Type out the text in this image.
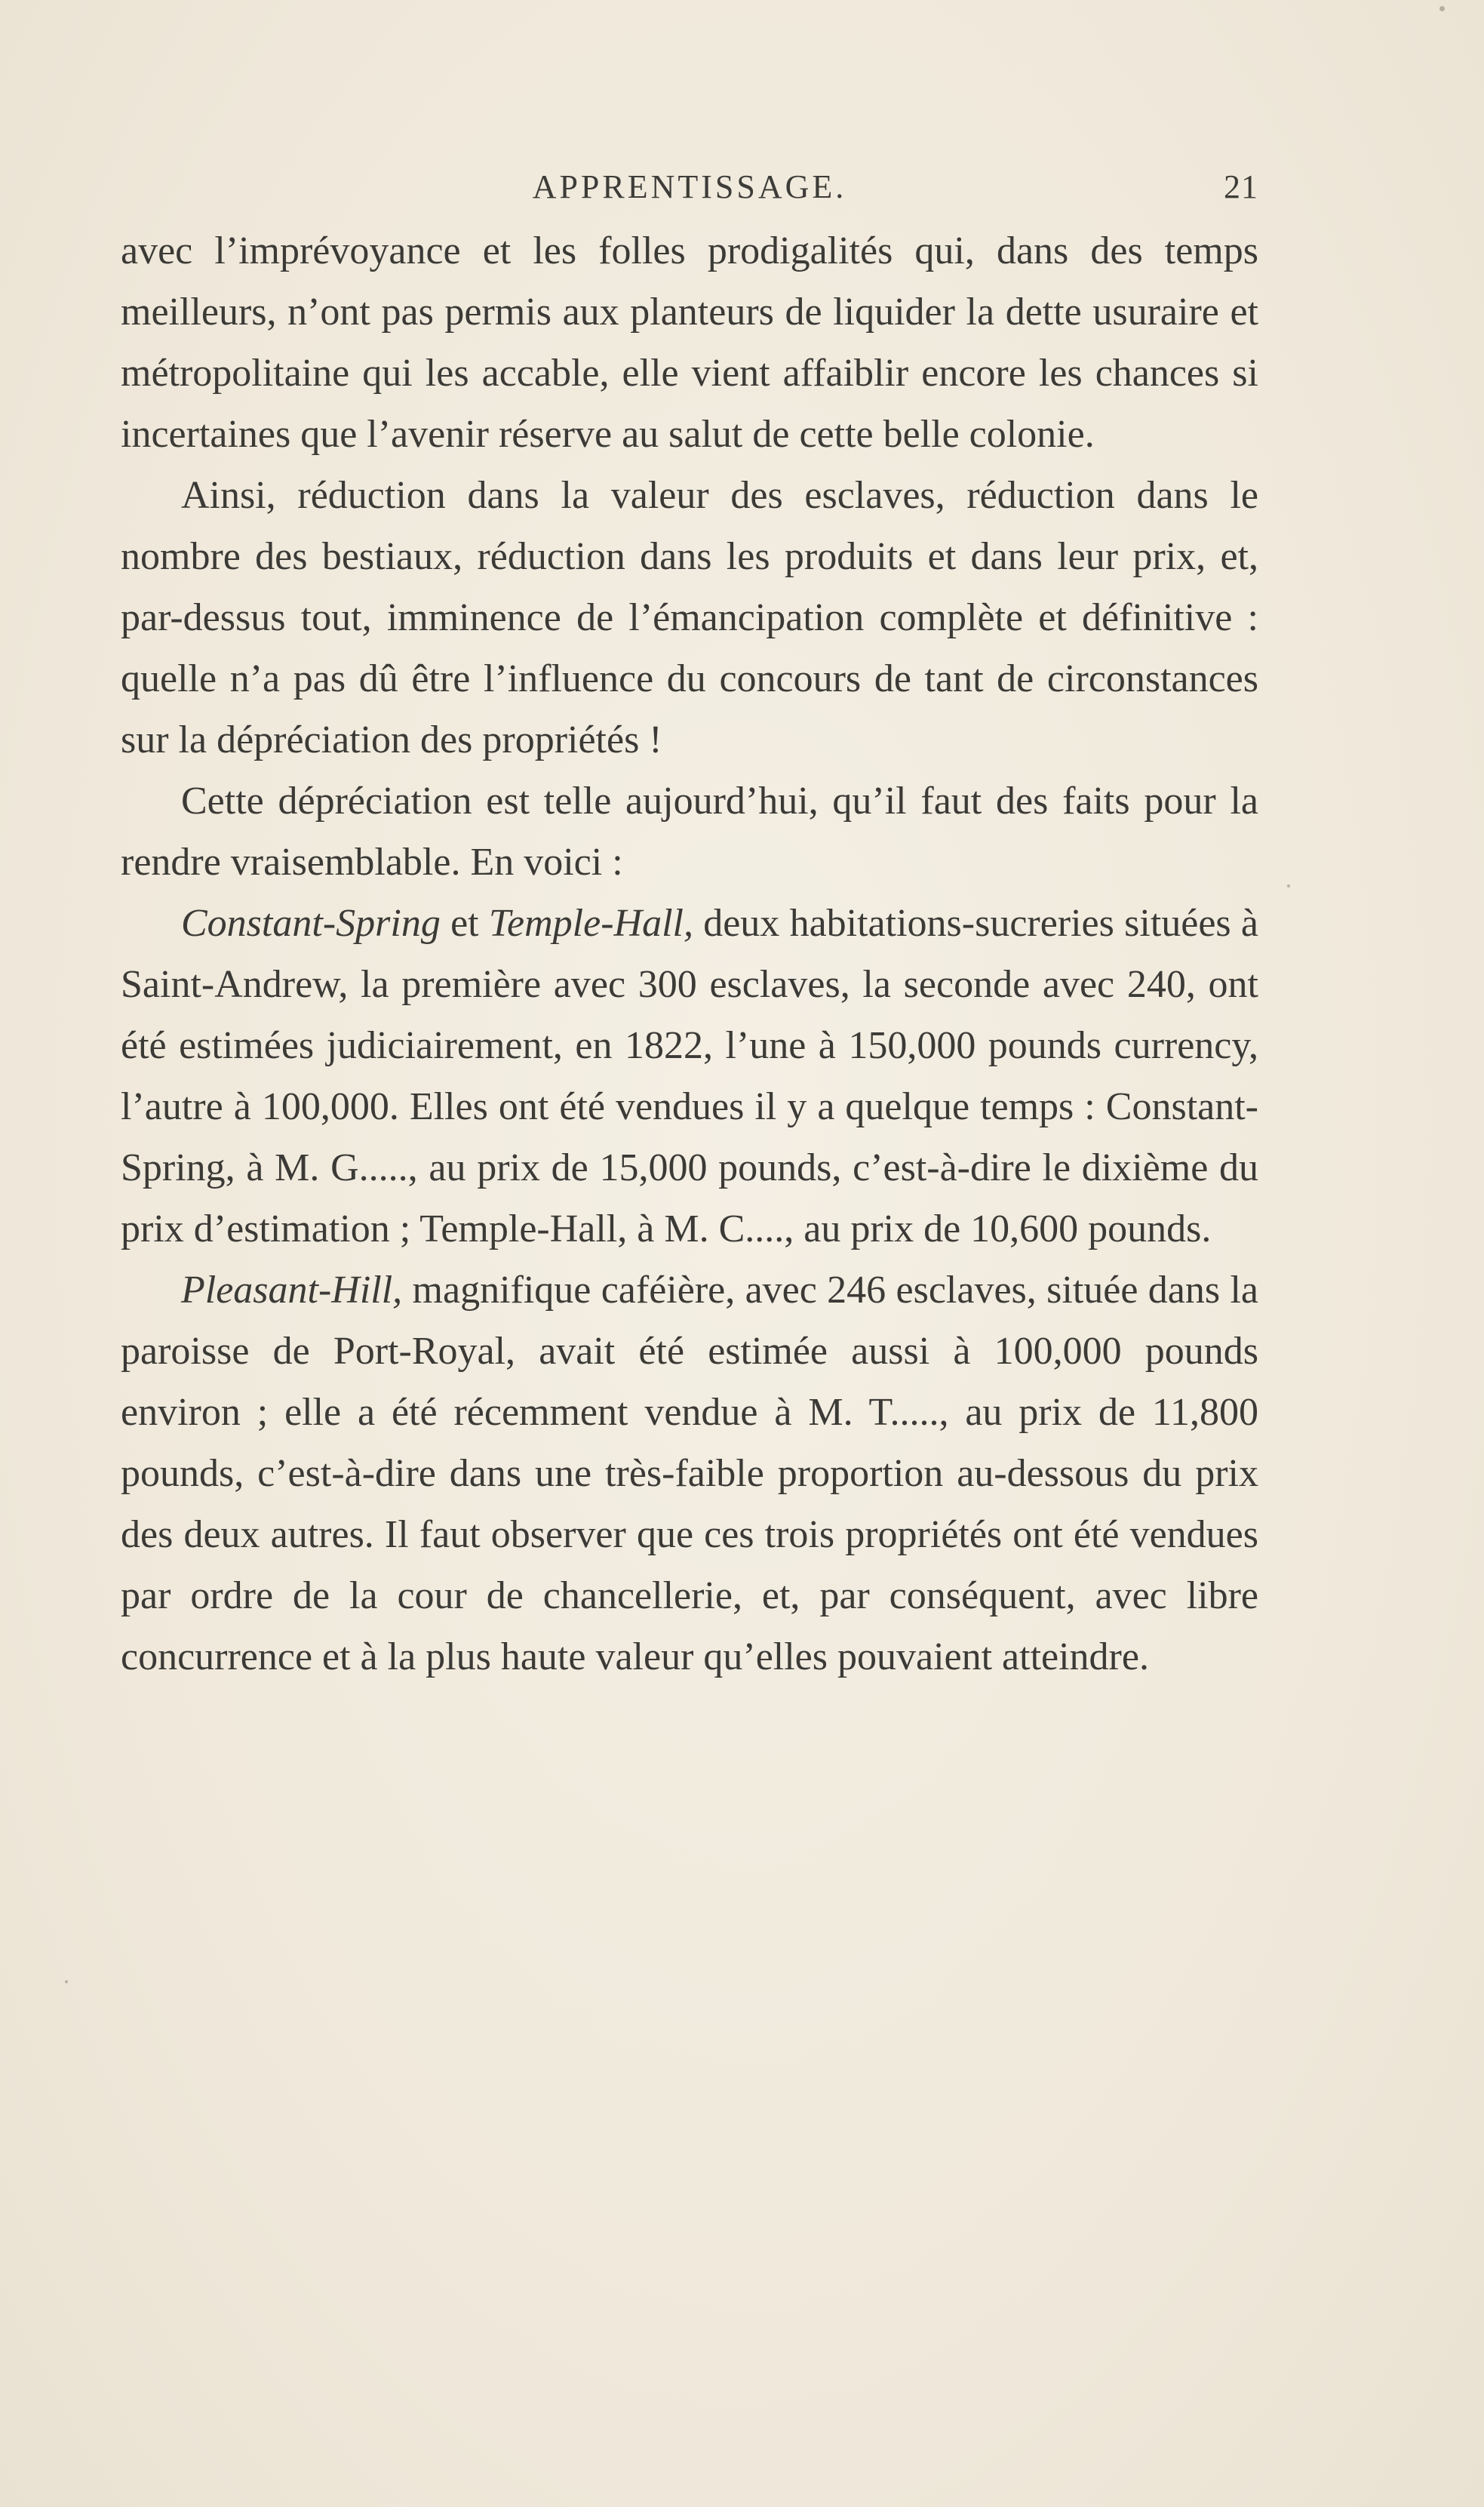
APPRENTISSAGE.	21

avec l’imprévoyance et les folles prodigalités qui, dans des temps meilleurs, n’ont pas permis aux planteurs de liquider la dette usuraire et métropolitaine qui les accable, elle vient affaiblir encore les chances si incertaines que l’avenir réserve au salut de cette belle colonie.

Ainsi, réduction dans la valeur des esclaves, réduction dans le nombre des bestiaux, réduction dans les produits et dans leur prix, et, par-dessus tout, imminence de l’émancipation complète et définitive : quelle n’a pas dû être l’influence du concours de tant de circonstances sur la dépréciation des propriétés !

Cette dépréciation est telle aujourd’hui, qu’il faut des faits pour la rendre vraisemblable. En voici :

Constant-Spring et Temple-Hall, deux habitations-sucreries situées à Saint-Andrew, la première avec 300 esclaves, la seconde avec 240, ont été estimées judiciairement, en 1822, l’une à 150,000 pounds currency, l’autre à 100,000. Elles ont été vendues il y a quelque temps : Constant-Spring, à M. G....., au prix de 15,000 pounds, c’est-à-dire le dixième du prix d’estimation ; Temple-Hall, à M. C...., au prix de 10,600 pounds.

Pleasant-Hill, magnifique caféière, avec 246 esclaves, située dans la paroisse de Port-Royal, avait été estimée aussi à 100,000 pounds environ ; elle a été récemment vendue à M. T....., au prix de 11,800 pounds, c’est-à-dire dans une très-faible proportion au-dessous du prix des deux autres. Il faut observer que ces trois propriétés ont été vendues par ordre de la cour de chancellerie, et, par conséquent, avec libre concurrence et à la plus haute valeur qu’elles pouvaient atteindre.
